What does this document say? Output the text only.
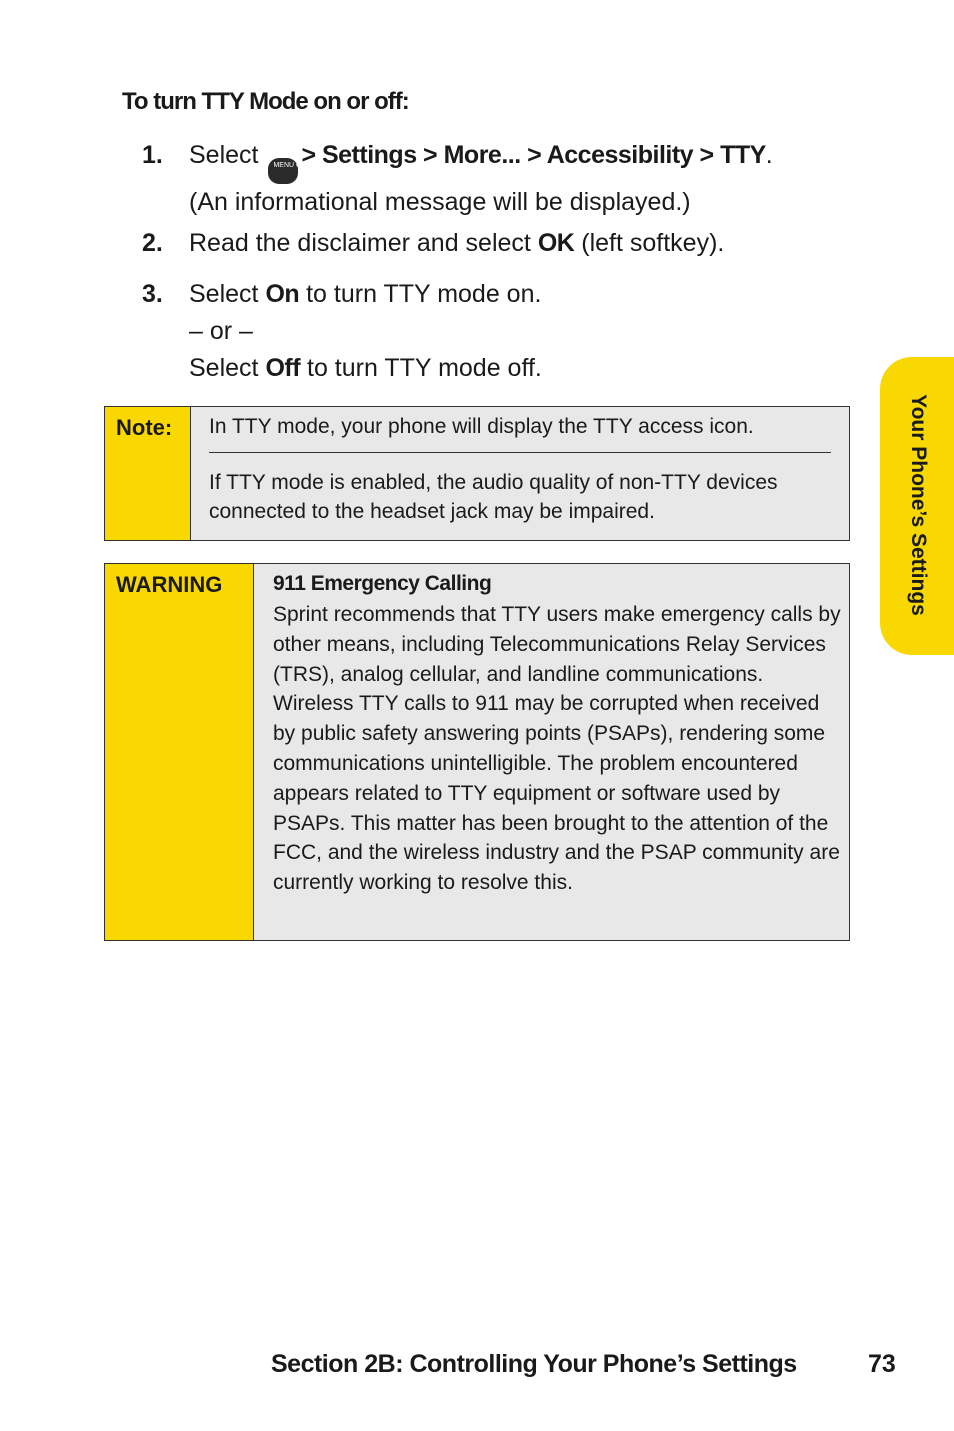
To turn TTY Mode on or off:
1.	Select MENU OK
> Settings > More... > Accessibility > TTY.
(An informational message will be displayed.)
2.	Read the disclaimer and select OK (left softkey).
3.	Select On to turn TTY mode on.
– or –
Select Off to turn TTY mode off.
Note:	In TTY mode, your phone will display the TTY access icon.
If TTY mode is enabled, the audio quality of non-TTY devices connected to the headset jack may be impaired.
WARNING	911 Emergency Calling
Sprint recommends that TTY users make emergency calls by other means, including Telecommunications Relay Services (TRS), analog cellular, and landline communications. Wireless TTY calls to 911 may be corrupted when received by public safety answering points (PSAPs), rendering some communications unintelligible. The problem encountered appears related to TTY equipment or software used by PSAPs. This matter has been brought to the attention of the FCC, and the wireless industry and the PSAP community are currently working to resolve this.
Your Phone’s Settings
Section 2B: Controlling Your Phone’s Settings	73
